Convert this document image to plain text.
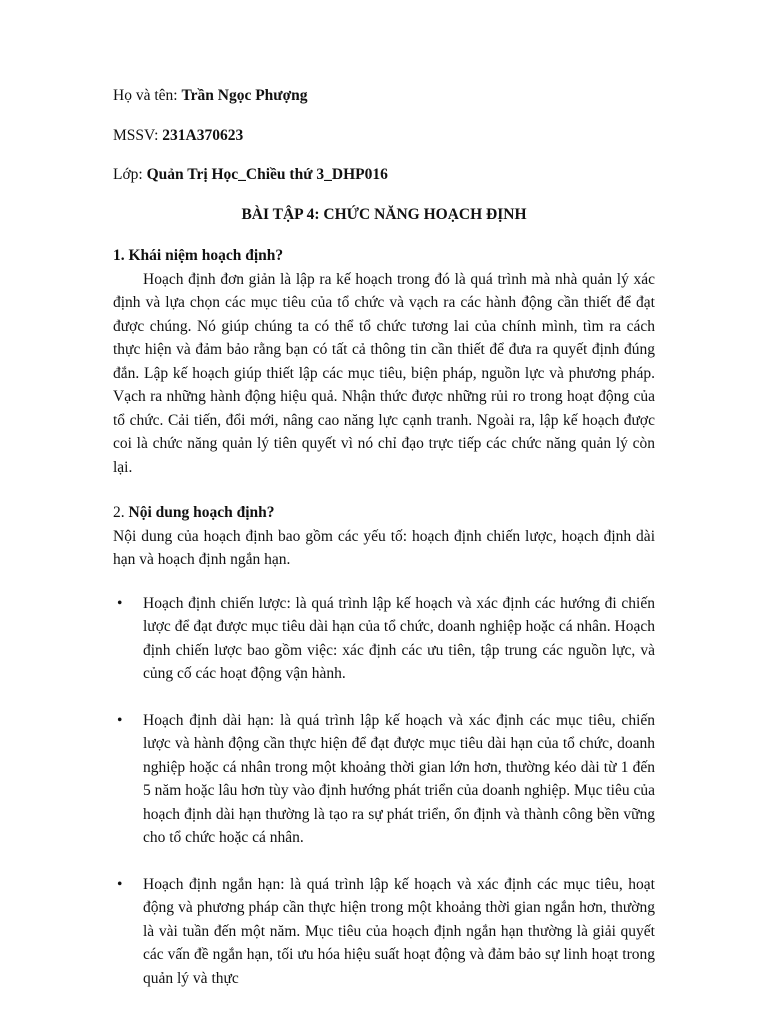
Họ và tên: Trần Ngọc Phượng

MSSV: 231A370623

Lớp: Quản Trị Học_Chiều thứ 3_DHP016

BÀI TẬP 4: CHỨC NĂNG HOẠCH ĐỊNH

1. Khái niệm hoạch định?

Hoạch định đơn giản là lập ra kế hoạch trong đó là quá trình mà nhà quản lý xác định và lựa chọn các mục tiêu của tổ chức và vạch ra các hành động cần thiết để đạt được chúng. Nó giúp chúng ta có thể tổ chức tương lai của chính mình, tìm ra cách thực hiện và đảm bảo rằng bạn có tất cả thông tin cần thiết để đưa ra quyết định đúng đắn. Lập kế hoạch giúp thiết lập các mục tiêu, biện pháp, nguồn lực và phương pháp. Vạch ra những hành động hiệu quả. Nhận thức được những rủi ro trong hoạt động của tổ chức. Cải tiến, đổi mới, nâng cao năng lực cạnh tranh. Ngoài ra, lập kế hoạch được coi là chức năng quản lý tiên quyết vì nó chỉ đạo trực tiếp các chức năng quản lý còn lại.

2. Nội dung hoạch định?

Nội dung của hoạch định bao gồm các yếu tố: hoạch định chiến lược, hoạch định dài hạn và hoạch định ngắn hạn.

• Hoạch định chiến lược: là quá trình lập kế hoạch và xác định các hướng đi chiến lược để đạt được mục tiêu dài hạn của tổ chức, doanh nghiệp hoặc cá nhân. Hoạch định chiến lược bao gồm việc: xác định các ưu tiên, tập trung các nguồn lực, và củng cố các hoạt động vận hành.
• Hoạch định dài hạn: là quá trình lập kế hoạch và xác định các mục tiêu, chiến lược và hành động cần thực hiện để đạt được mục tiêu dài hạn của tổ chức, doanh nghiệp hoặc cá nhân trong một khoảng thời gian lớn hơn, thường kéo dài từ 1 đến 5 năm hoặc lâu hơn tùy vào định hướng phát triển của doanh nghiệp. Mục tiêu của hoạch định dài hạn thường là tạo ra sự phát triển, ổn định và thành công bền vững cho tổ chức hoặc cá nhân.
• Hoạch định ngắn hạn: là quá trình lập kế hoạch và xác định các mục tiêu, hoạt động và phương pháp cần thực hiện trong một khoảng thời gian ngắn hơn, thường là vài tuần đến một năm. Mục tiêu của hoạch định ngắn hạn thường là giải quyết các vấn đề ngắn hạn, tối ưu hóa hiệu suất hoạt động và đảm bảo sự linh hoạt trong quản lý và thực
